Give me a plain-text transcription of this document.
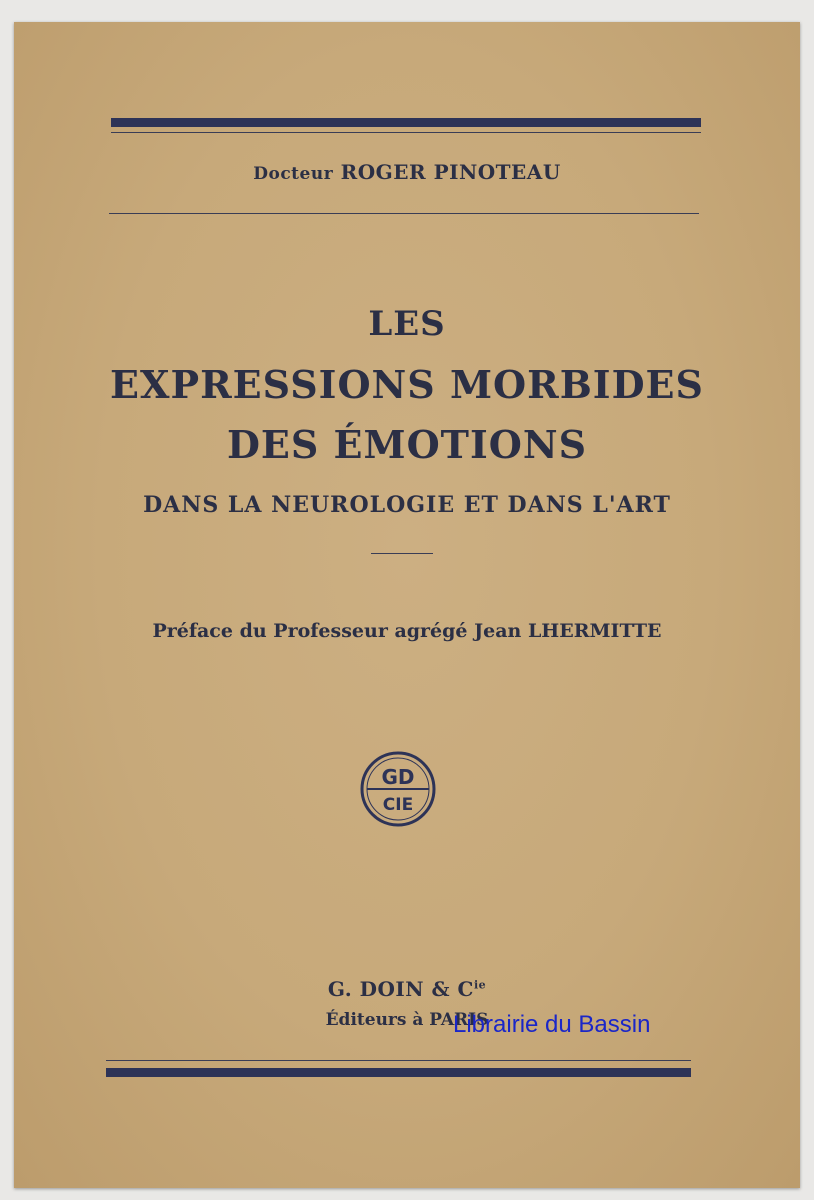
Docteur ROGER PINOTEAU
LES
EXPRESSIONS MORBIDES
DES ÉMOTIONS
DANS LA NEUROLOGIE ET DANS L'ART
Préface du Professeur agrégé Jean LHERMITTE
GD
CIE
G. DOIN & $C^{ie}$
Éditeurs à PARIS
Librairie du Bassin
